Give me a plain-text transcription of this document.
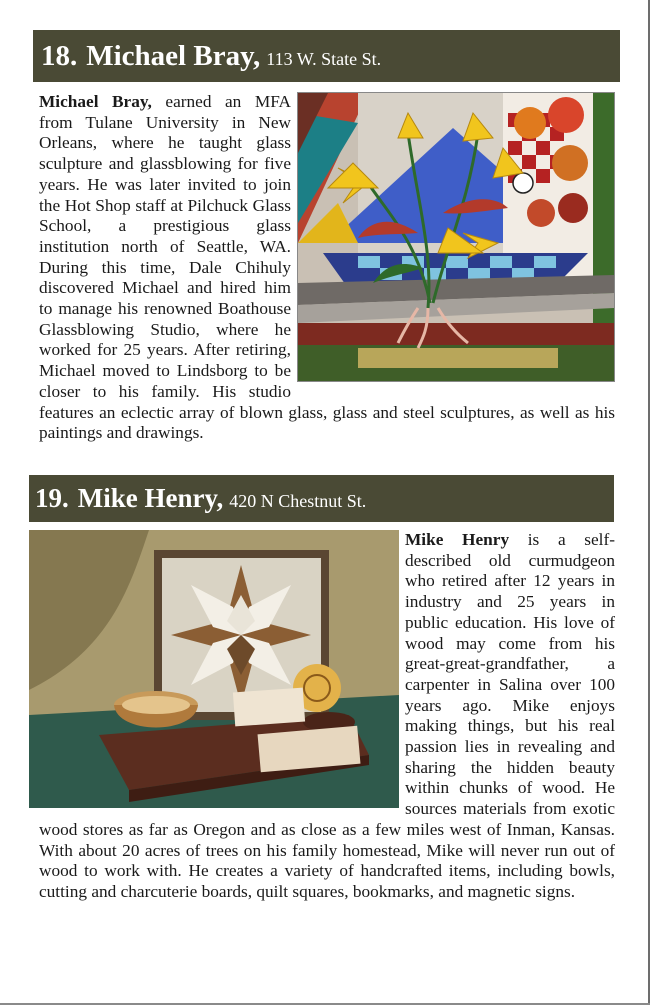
18. Michael Bray, 113 W. State St.
Michael Bray, earned an MFA from Tulane University in New Orleans, where he taught glass sculpture and glassblowing for five years. He was later invited to join the Hot Shop staff at Pilchuck Glass School, a prestigious glass institution north of Seattle, WA. During this time, Dale Chihuly discovered Michael and hired him to manage his renowned Boathouse Glassblowing Studio, where he worked for 25 years. After retiring, Michael moved to Lindsborg to be closer to his family. His studio features an eclectic array of blown glass, glass and steel sculptures, as well as his paintings and drawings.
19. Mike Henry, 420 N Chestnut St.
Mike Henry is a self-described old curmudgeon who retired after 12 years in industry and 25 years in public education. His love of wood may come from his great-great-grandfather, a carpenter in Salina over 100 years ago. Mike enjoys making things, but his real passion lies in revealing and sharing the hidden beauty within chunks of wood. He sources materials from exotic wood stores as far as Oregon and as close as a few miles west of Inman, Kansas. With about 20 acres of trees on his family homestead, Mike will never run out of wood to work with. He creates a variety of handcrafted items, including bowls, cutting and charcuterie boards, quilt squares, bookmarks, and magnetic signs.
